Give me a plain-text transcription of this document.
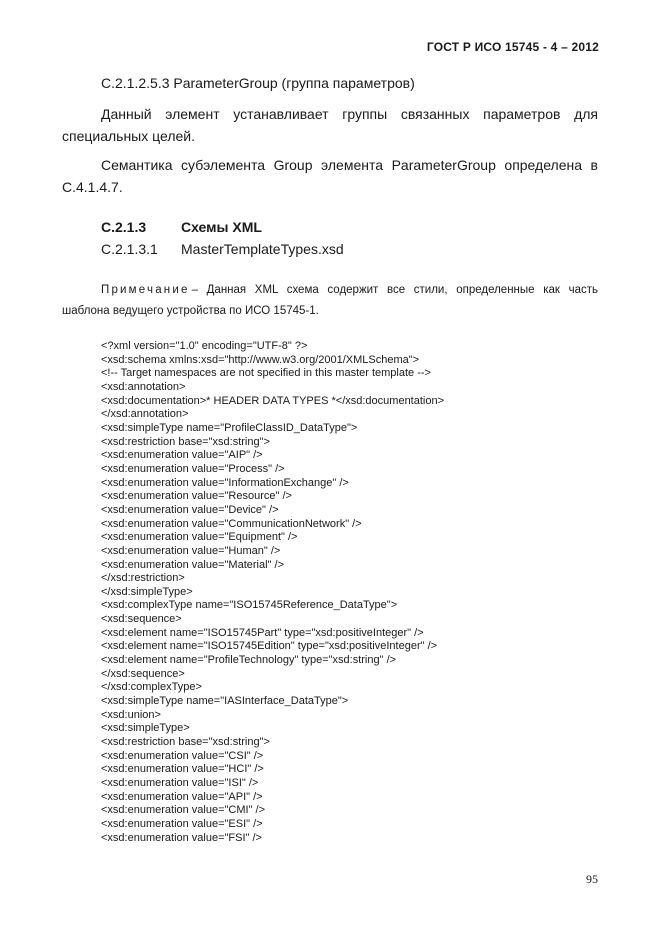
ГОСТ Р ИСО 15745 - 4 – 2012
С.2.1.2.5.3 ParameterGroup (группа параметров)
Данный элемент устанавливает группы связанных параметров для
специальных целей.
Семантика субэлемента Group элемента ParameterGroup определена в
С.4.1.4.7.
С.2.1.3 Схемы XML
С.2.1.3.1 MasterTemplateTypes.xsd
Примечание – Данная XML схема содержит все стили, определенные как часть
шаблона ведущего устройства по ИСО 15745-1.
<?xml version="1.0" encoding="UTF-8" ?>
<xsd:schema xmlns:xsd="http://www.w3.org/2001/XMLSchema">
<!-- Target namespaces are not specified in this master template -->
<xsd:annotation>
<xsd:documentation>* HEADER DATA TYPES *</xsd:documentation>
</xsd:annotation>
<xsd:simpleType name="ProfileClassID_DataType">
<xsd:restriction base="xsd:string">
<xsd:enumeration value="AIP" />
<xsd:enumeration value="Process" />
<xsd:enumeration value="InformationExchange" />
<xsd:enumeration value="Resource" />
<xsd:enumeration value="Device" />
<xsd:enumeration value="CommunicationNetwork" />
<xsd:enumeration value="Equipment" />
<xsd:enumeration value="Human" />
<xsd:enumeration value="Material" />
</xsd:restriction>
</xsd:simpleType>
<xsd:complexType name="ISO15745Reference_DataType">
<xsd:sequence>
<xsd:element name="ISO15745Part" type="xsd:positiveInteger" />
<xsd:element name="ISO15745Edition" type="xsd:positiveInteger" />
<xsd:element name="ProfileTechnology" type="xsd:string" />
</xsd:sequence>
</xsd:complexType>
<xsd:simpleType name="IASInterface_DataType">
<xsd:union>
<xsd:simpleType>
<xsd:restriction base="xsd:string">
<xsd:enumeration value="CSI" />
<xsd:enumeration value="HCI" />
<xsd:enumeration value="ISI" />
<xsd:enumeration value="API" />
<xsd:enumeration value="CMI" />
<xsd:enumeration value="ESI" />
<xsd:enumeration value="FSI" />
95
